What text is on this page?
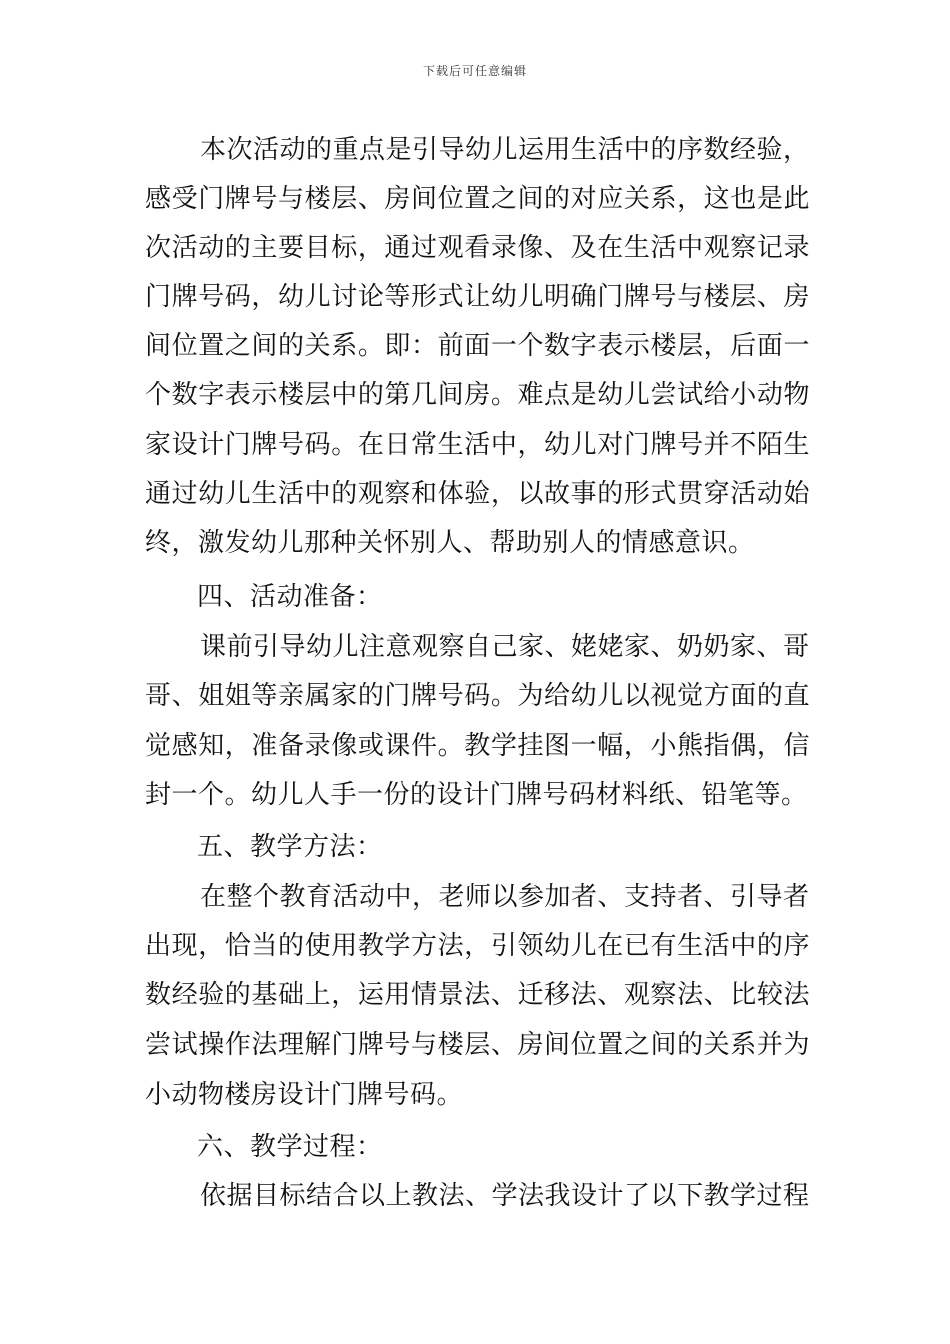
下载后可任意编辑
本次活动的重点是引导幼儿运用生活中的序数经验，
感受门牌号与楼层、房间位置之间的对应关系，这也是此
次活动的主要目标，通过观看录像、及在生活中观察记录
门牌号码，幼儿讨论等形式让幼儿明确门牌号与楼层、房
间位置之间的关系。即：前面一个数字表示楼层，后面一
个数字表示楼层中的第几间房。难点是幼儿尝试给小动物
家设计门牌号码。在日常生活中，幼儿对门牌号并不陌生
通过幼儿生活中的观察和体验，以故事的形式贯穿活动始
终，激发幼儿那种关怀别人、帮助别人的情感意识。
四、活动准备：
课前引导幼儿注意观察自己家、姥姥家、奶奶家、哥
哥、姐姐等亲属家的门牌号码。为给幼儿以视觉方面的直
觉感知，准备录像或课件。教学挂图一幅，小熊指偶，信
封一个。幼儿人手一份的设计门牌号码材料纸、铅笔等。
五、教学方法：
在整个教育活动中，老师以参加者、支持者、引导者
出现，恰当的使用教学方法，引领幼儿在已有生活中的序
数经验的基础上，运用情景法、迁移法、观察法、比较法
尝试操作法理解门牌号与楼层、房间位置之间的关系并为
小动物楼房设计门牌号码。
六、教学过程：
依据目标结合以上教法、学法我设计了以下教学过程
